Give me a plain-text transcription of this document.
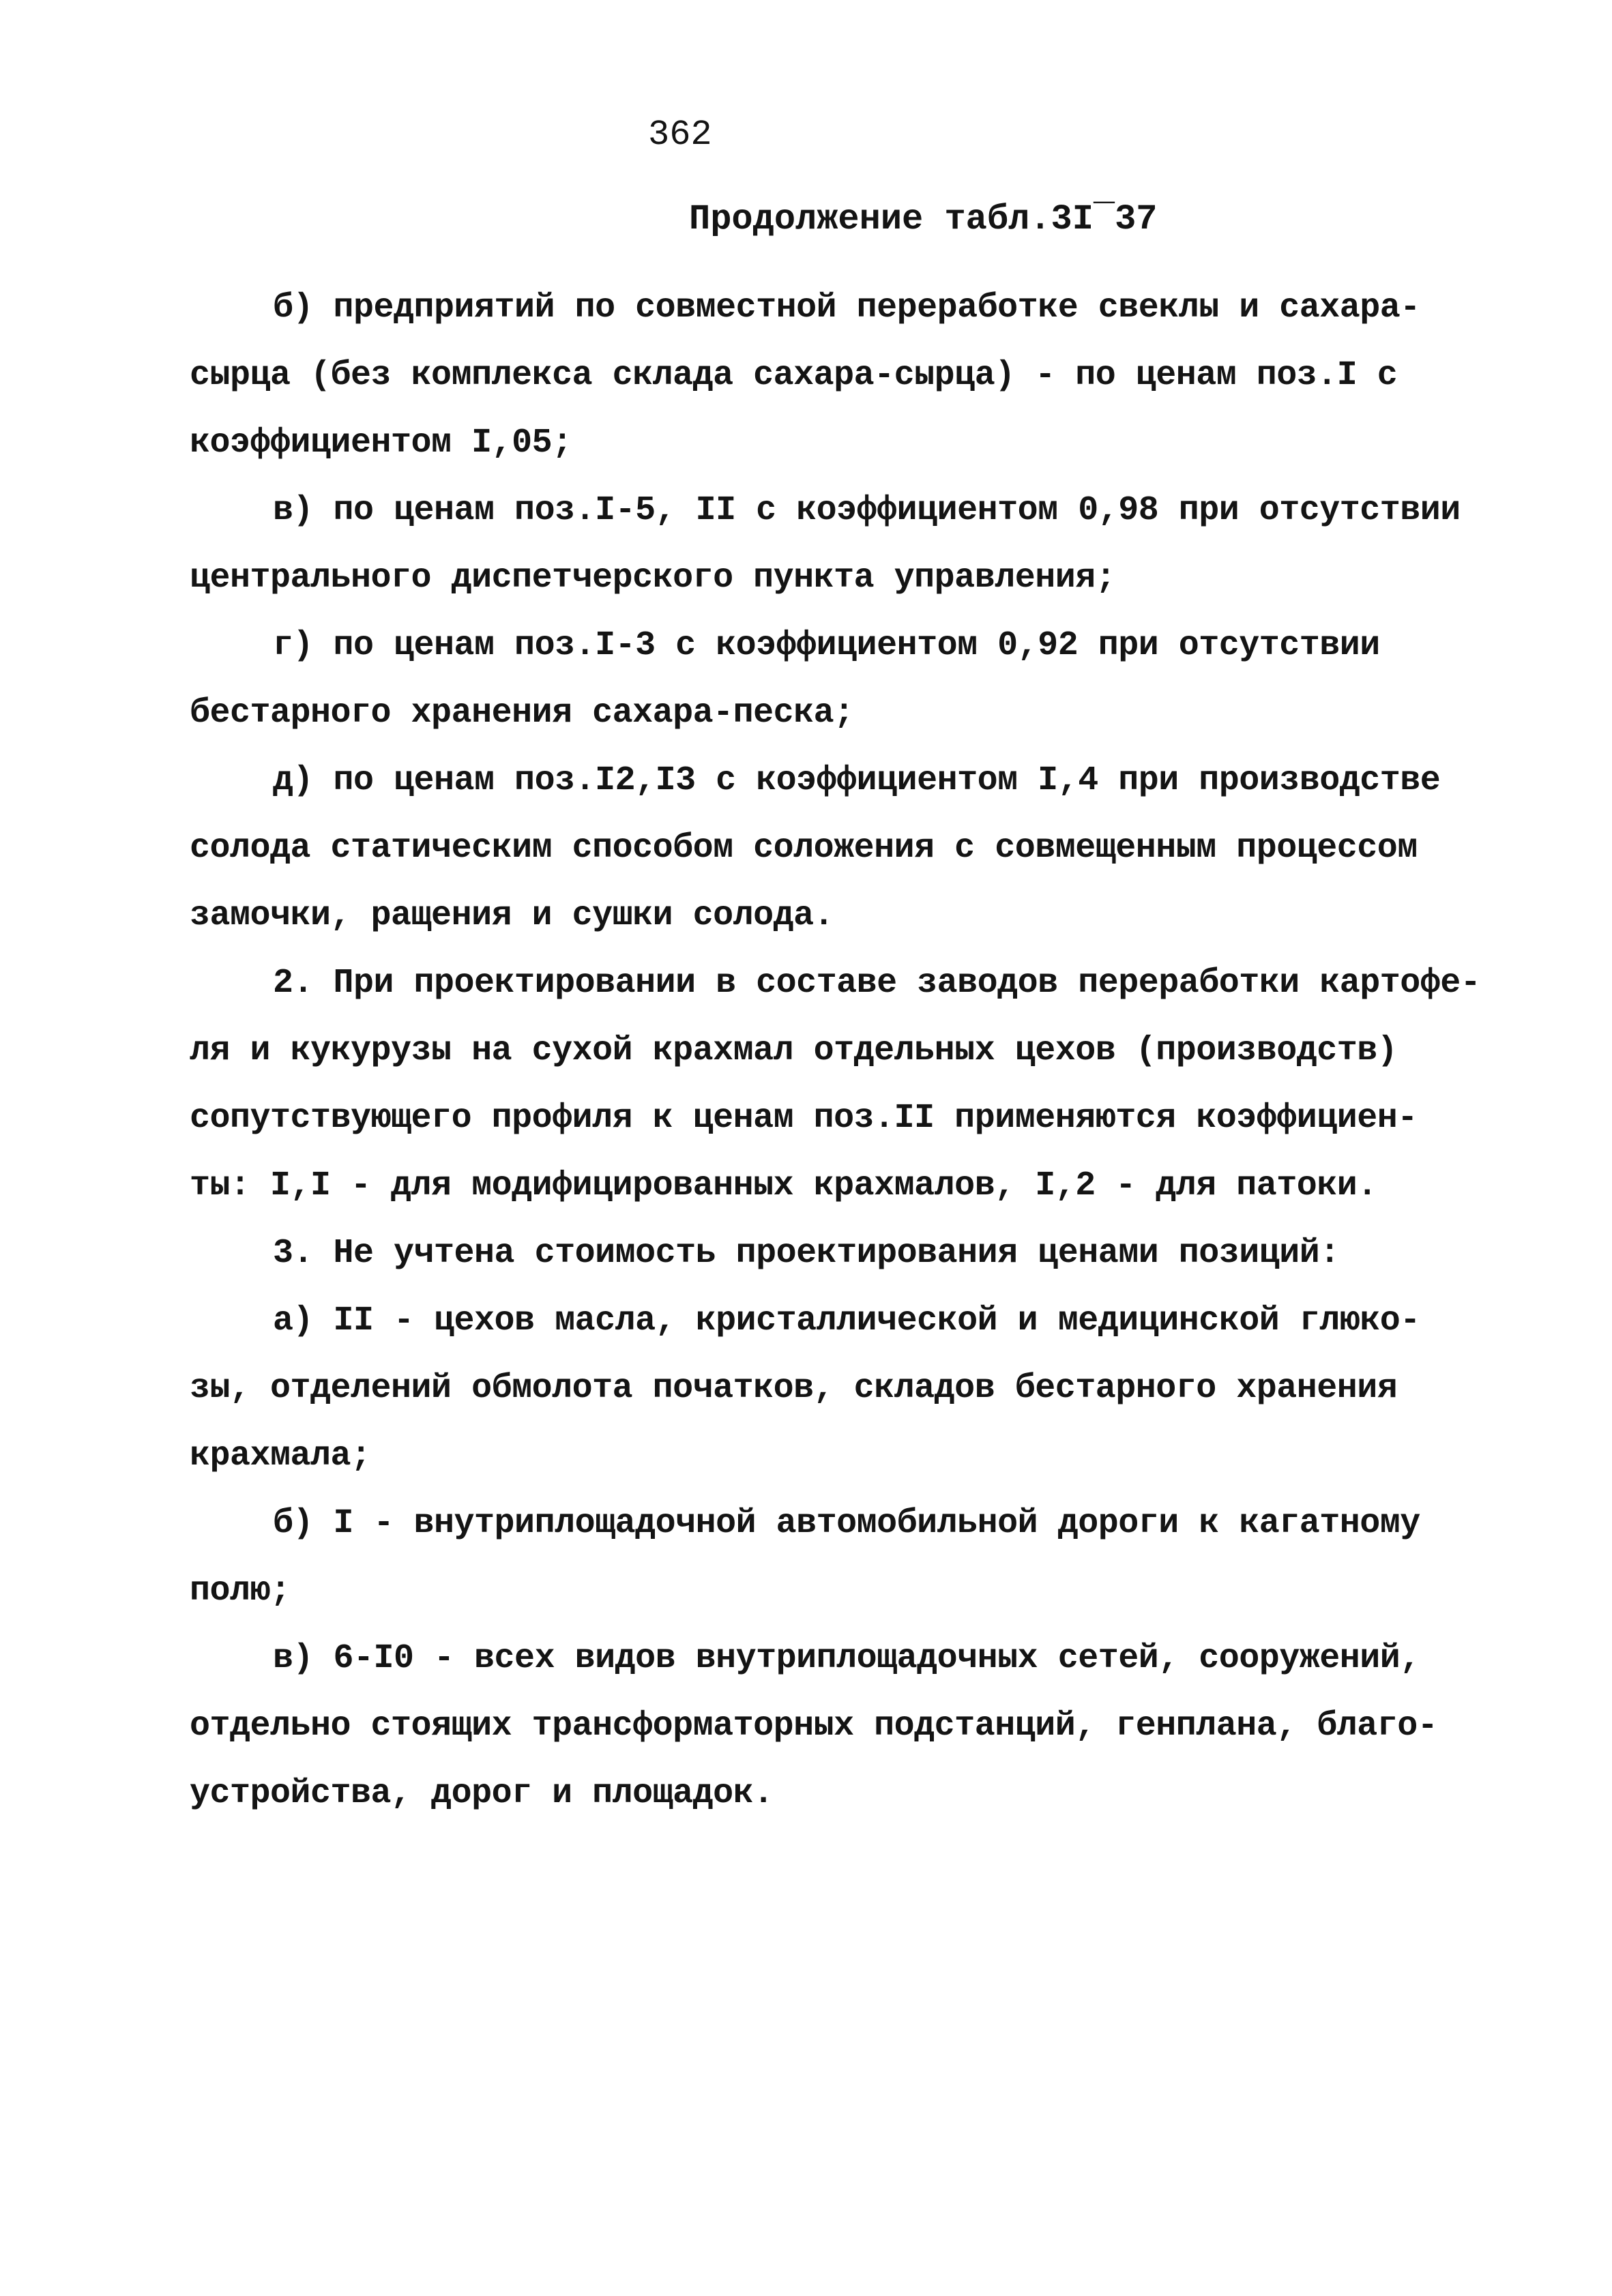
362
Продолжение табл.3I‾37
б) предприятий по совместной переработке свеклы и сахара-
сырца (без комплекса склада сахара-сырца) - по ценам поз.I с
коэффициентом I,05;
в) по ценам поз.I-5, II с коэффициентом 0,98 при отсутствии
центрального диспетчерского пункта управления;
г) по ценам поз.I-3 с коэффициентом 0,92 при отсутствии
бестарного хранения сахара-песка;
д) по ценам поз.I2,I3 с коэффициентом I,4 при производстве
солода статическим способом соложения с совмещенным процессом
замочки, ращения и сушки солода.
2. При проектировании в составе заводов переработки картофе-
ля и кукурузы на сухой крахмал отдельных цехов (производств)
сопутствующего профиля к ценам поз.II применяются коэффициен-
ты: I,I - для модифицированных крахмалов, I,2 - для патоки.
3. Не учтена стоимость проектирования ценами позиций:
а) II - цехов масла, кристаллической и медицинской глюко-
зы, отделений обмолота початков, складов бестарного хранения
крахмала;
б) I - внутриплощадочной автомобильной дороги к кагатному
полю;
в) 6-I0 - всех видов внутриплощадочных сетей, сооружений,
отдельно стоящих трансформаторных подстанций, генплана, благо-
устройства, дорог и площадок.
